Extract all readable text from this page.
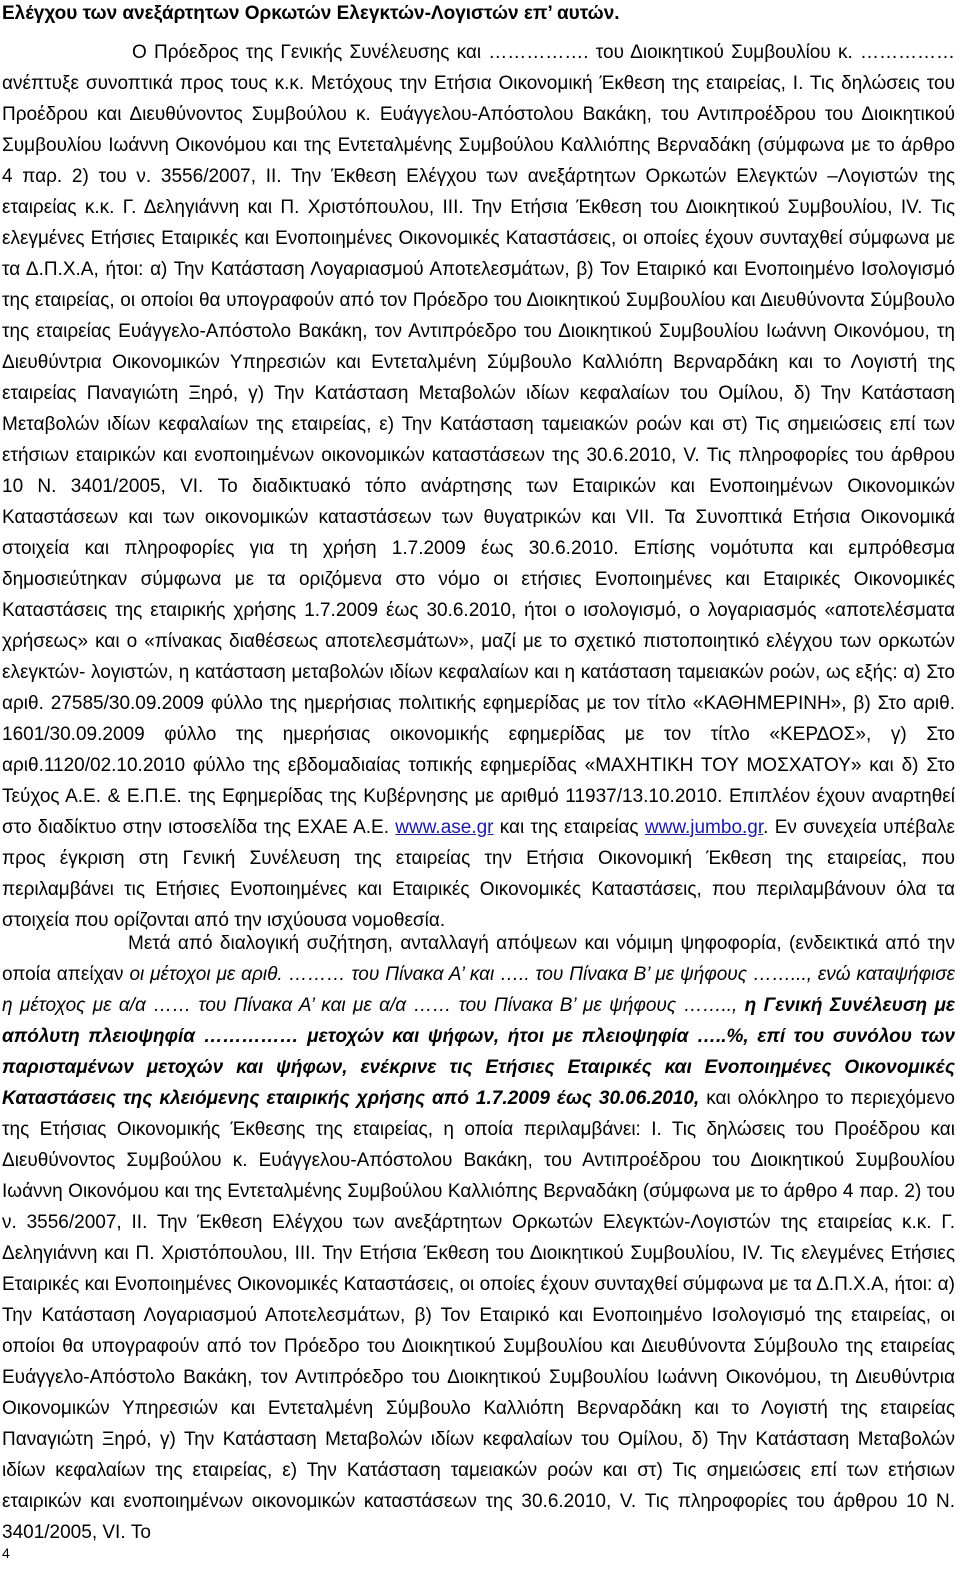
Ελέγχου των ανεξάρτητων Ορκωτών Ελεγκτών-Λογιστών επ’ αυτών.

Ο Πρόεδρος της Γενικής Συνέλευσης και ……………. του Διοικητικού Συμβουλίου κ. …………… ανέπτυξε συνοπτικά προς τους κ.κ. Μετόχους την Ετήσια Οικονομική Έκθεση της εταιρείας, Ι. Τις δηλώσεις του Προέδρου και Διευθύνοντος Συμβούλου κ. Ευάγγελου-Απόστολου Βακάκη, του Αντιπροέδρου του Διοικητικού Συμβουλίου Ιωάννη Οικονόμου και της Εντεταλμένης Συμβούλου Καλλιόπης Βερναδάκη (σύμφωνα με το άρθρο 4 παρ. 2) του ν. 3556/2007, ΙΙ. Την Έκθεση Ελέγχου των ανεξάρτητων Ορκωτών Ελεγκτών –Λογιστών της εταιρείας κ.κ. Γ. Δεληγιάννη και Π. Χριστόπουλου, ΙΙΙ. Την Ετήσια Έκθεση του Διοικητικού Συμβουλίου, IV. Τις ελεγμένες Ετήσιες Εταιρικές και Ενοποιημένες Οικονομικές Καταστάσεις, οι οποίες έχουν συνταχθεί σύμφωνα με τα Δ.Π.Χ.Α, ήτοι: α) Την Κατάσταση Λογαριασμού Αποτελεσμάτων, β) Τον Εταιρικό και Ενοποιημένο Ισολογισμό της εταιρείας, οι οποίοι θα υπογραφούν από τον Πρόεδρο του Διοικητικού Συμβουλίου και Διευθύνοντα Σύμβουλο της εταιρείας Ευάγγελο-Απόστολο Βακάκη, τον Αντιπρόεδρο του Διοικητικού Συμβουλίου Ιωάννη Οικονόμου, τη Διευθύντρια Οικονομικών Υπηρεσιών και Εντεταλμένη Σύμβουλο Καλλιόπη Βερναρδάκη και το Λογιστή της εταιρείας Παναγιώτη Ξηρό, γ) Την Κατάσταση Μεταβολών ιδίων κεφαλαίων του Ομίλου, δ) Την Κατάσταση Μεταβολών ιδίων κεφαλαίων της εταιρείας, ε) Την Κατάσταση ταμειακών ροών και στ) Τις σημειώσεις επί των ετήσιων εταιρικών και ενοποιημένων οικονομικών καταστάσεων της 30.6.2010, V. Τις πληροφορίες του άρθρου 10 Ν. 3401/2005, VI. Το διαδικτυακό τόπο ανάρτησης των Εταιρικών και Ενοποιημένων Οικονομικών Καταστάσεων και των οικονομικών καταστάσεων των θυγατρικών και VII. Τα Συνοπτικά Ετήσια Οικονομικά στοιχεία και πληροφορίες για τη χρήση 1.7.2009 έως 30.6.2010. Επίσης νομότυπα και εμπρόθεσμα δημοσιεύτηκαν σύμφωνα με τα οριζόμενα στο νόμο οι ετήσιες Ενοποιημένες και Εταιρικές Οικονομικές Καταστάσεις της εταιρικής χρήσης 1.7.2009 έως 30.6.2010, ήτοι ο ισολογισμό, ο λογαριασμός «αποτελέσματα χρήσεως» και ο «πίνακας διαθέσεως αποτελεσμάτων», μαζί με το σχετικό πιστοποιητικό ελέγχου των ορκωτών ελεγκτών- λογιστών, η κατάσταση μεταβολών ιδίων κεφαλαίων και η κατάσταση ταμειακών ροών, ως εξής: α) Στο αριθ. 27585/30.09.2009 φύλλο της ημερήσιας πολιτικής εφημερίδας με τον τίτλο «ΚΑΘΗΜΕΡΙΝΗ», β) Στο αριθ. 1601/30.09.2009 φύλλο της ημερήσιας οικονομικής εφημερίδας με τον τίτλο «ΚΕΡΔΟΣ», γ) Στο αριθ.1120/02.10.2010 φύλλο της εβδομαδιαίας τοπικής εφημερίδας «ΜΑΧΗΤΙΚΗ ΤΟΥ ΜΟΣΧΑΤΟΥ» και δ) Στο Τεύχος Α.Ε. & Ε.Π.Ε. της Εφημερίδας της Κυβέρνησης με αριθμό 11937/13.10.2010. Επιπλέον έχουν αναρτηθεί στο διαδίκτυο στην ιστοσελίδα της ΕΧΑΕ Α.Ε. www.ase.gr και της εταιρείας www.jumbo.gr. Εν συνεχεία υπέβαλε προς έγκριση στη Γενική Συνέλευση της εταιρείας την Ετήσια Οικονομική Έκθεση της εταιρείας, που περιλαμβάνει τις Ετήσιες Ενοποιημένες και Εταιρικές Οικονομικές Καταστάσεις, που περιλαμβάνουν όλα τα στοιχεία που ορίζονται από την ισχύουσα νομοθεσία.

Μετά από διαλογική συζήτηση, ανταλλαγή απόψεων και νόμιμη ψηφοφορία, (ενδεικτικά από την οποία απείχαν οι μέτοχοι με αριθ. ……… του Πίνακα Α’ και ….. του Πίνακα Β’ με ψήφους ……..., ενώ καταψήφισε η μέτοχος με α/α …… του Πίνακα Α’ και με α/α …… του Πίνακα Β’ με ψήφους …….., η Γενική Συνέλευση με απόλυτη πλειοψηφία …………… μετοχών και ψήφων, ήτοι με πλειοψηφία …..%, επί του συνόλου των παρισταμένων μετοχών και ψήφων, ενέκρινε τις Ετήσιες Εταιρικές και Ενοποιημένες Οικονομικές Καταστάσεις της κλειόμενης εταιρικής χρήσης από 1.7.2009 έως 30.06.2010, και ολόκληρο το περιεχόμενο της Ετήσιας Οικονομικής Έκθεσης της εταιρείας, η οποία περιλαμβάνει: Ι. Τις δηλώσεις του Προέδρου και Διευθύνοντος Συμβούλου κ. Ευάγγελου-Απόστολου Βακάκη, του Αντιπροέδρου του Διοικητικού Συμβουλίου Ιωάννη Οικονόμου και της Εντεταλμένης Συμβούλου Καλλιόπης Βερναδάκη (σύμφωνα με το άρθρο 4 παρ. 2) του ν. 3556/2007, ΙΙ. Την Έκθεση Ελέγχου των ανεξάρτητων Ορκωτών Ελεγκτών-Λογιστών της εταιρείας κ.κ. Γ. Δεληγιάννη και Π. Χριστόπουλου, ΙΙΙ. Την Ετήσια Έκθεση του Διοικητικού Συμβουλίου, IV. Τις ελεγμένες Ετήσιες Εταιρικές και Ενοποιημένες Οικονομικές Καταστάσεις, οι οποίες έχουν συνταχθεί σύμφωνα με τα Δ.Π.Χ.Α, ήτοι: α) Την Κατάσταση Λογαριασμού Αποτελεσμάτων, β) Τον Εταιρικό και Ενοποιημένο Ισολογισμό της εταιρείας, οι οποίοι θα υπογραφούν από τον Πρόεδρο του Διοικητικού Συμβουλίου και Διευθύνοντα Σύμβουλο της εταιρείας Ευάγγελο-Απόστολο Βακάκη, τον Αντιπρόεδρο του Διοικητικού Συμβουλίου Ιωάννη Οικονόμου, τη Διευθύντρια Οικονομικών Υπηρεσιών και Εντεταλμένη Σύμβουλο Καλλιόπη Βερναρδάκη και το Λογιστή της εταιρείας Παναγιώτη Ξηρό, γ) Την Κατάσταση Μεταβολών ιδίων κεφαλαίων του Ομίλου, δ) Την Κατάσταση Μεταβολών ιδίων κεφαλαίων της εταιρείας, ε) Την Κατάσταση ταμειακών ροών και στ) Τις σημειώσεις επί των ετήσιων εταιρικών και ενοποιημένων οικονομικών καταστάσεων της 30.6.2010, V. Τις πληροφορίες του άρθρου 10 Ν. 3401/2005, VI. Το

4
